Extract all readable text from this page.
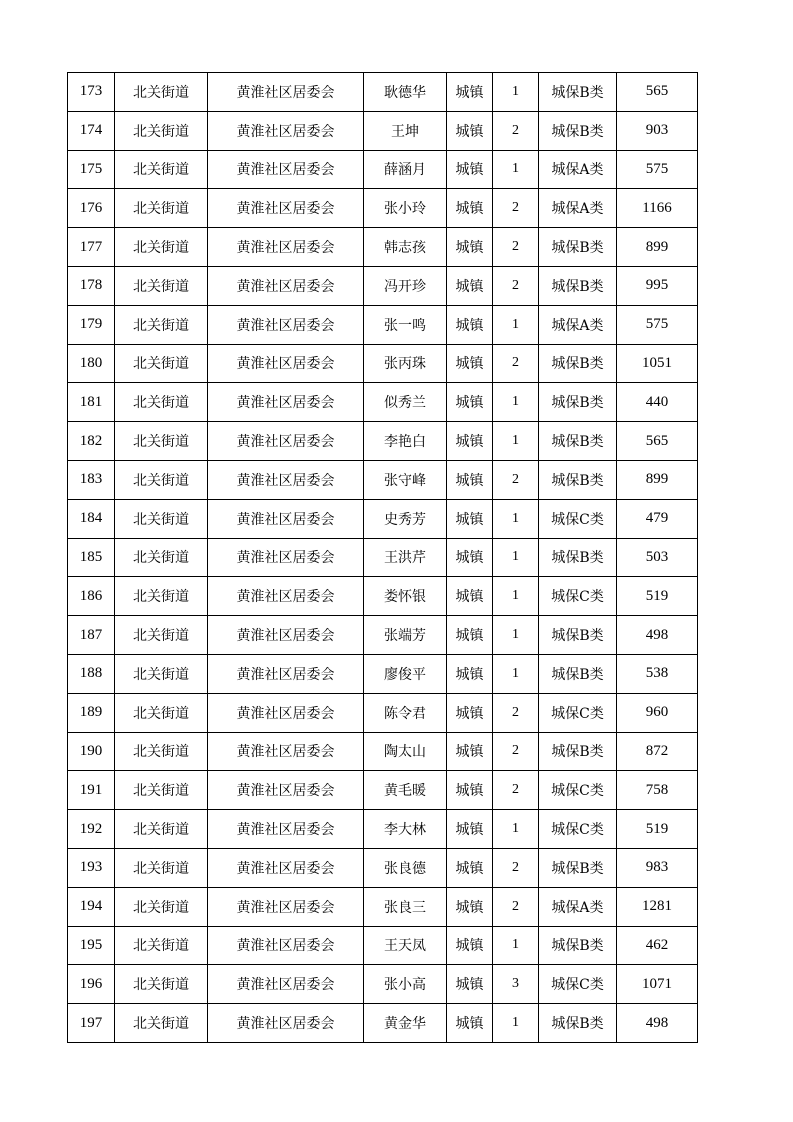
173	北关街道	黄淮社区居委会	耿德华	城镇	1	城保B类	565
174	北关街道	黄淮社区居委会	王坤	城镇	2	城保B类	903
175	北关街道	黄淮社区居委会	薛涵月	城镇	1	城保A类	575
176	北关街道	黄淮社区居委会	张小玲	城镇	2	城保A类	1166
177	北关街道	黄淮社区居委会	韩志孩	城镇	2	城保B类	899
178	北关街道	黄淮社区居委会	冯开珍	城镇	2	城保B类	995
179	北关街道	黄淮社区居委会	张一鸣	城镇	1	城保A类	575
180	北关街道	黄淮社区居委会	张丙珠	城镇	2	城保B类	1051
181	北关街道	黄淮社区居委会	似秀兰	城镇	1	城保B类	440
182	北关街道	黄淮社区居委会	李艳白	城镇	1	城保B类	565
183	北关街道	黄淮社区居委会	张守峰	城镇	2	城保B类	899
184	北关街道	黄淮社区居委会	史秀芳	城镇	1	城保C类	479
185	北关街道	黄淮社区居委会	王洪芹	城镇	1	城保B类	503
186	北关街道	黄淮社区居委会	娄怀银	城镇	1	城保C类	519
187	北关街道	黄淮社区居委会	张端芳	城镇	1	城保B类	498
188	北关街道	黄淮社区居委会	廖俊平	城镇	1	城保B类	538
189	北关街道	黄淮社区居委会	陈令君	城镇	2	城保C类	960
190	北关街道	黄淮社区居委会	陶太山	城镇	2	城保B类	872
191	北关街道	黄淮社区居委会	黄毛暖	城镇	2	城保C类	758
192	北关街道	黄淮社区居委会	李大林	城镇	1	城保C类	519
193	北关街道	黄淮社区居委会	张良德	城镇	2	城保B类	983
194	北关街道	黄淮社区居委会	张良三	城镇	2	城保A类	1281
195	北关街道	黄淮社区居委会	王天凤	城镇	1	城保B类	462
196	北关街道	黄淮社区居委会	张小高	城镇	3	城保C类	1071
197	北关街道	黄淮社区居委会	黄金华	城镇	1	城保B类	498
